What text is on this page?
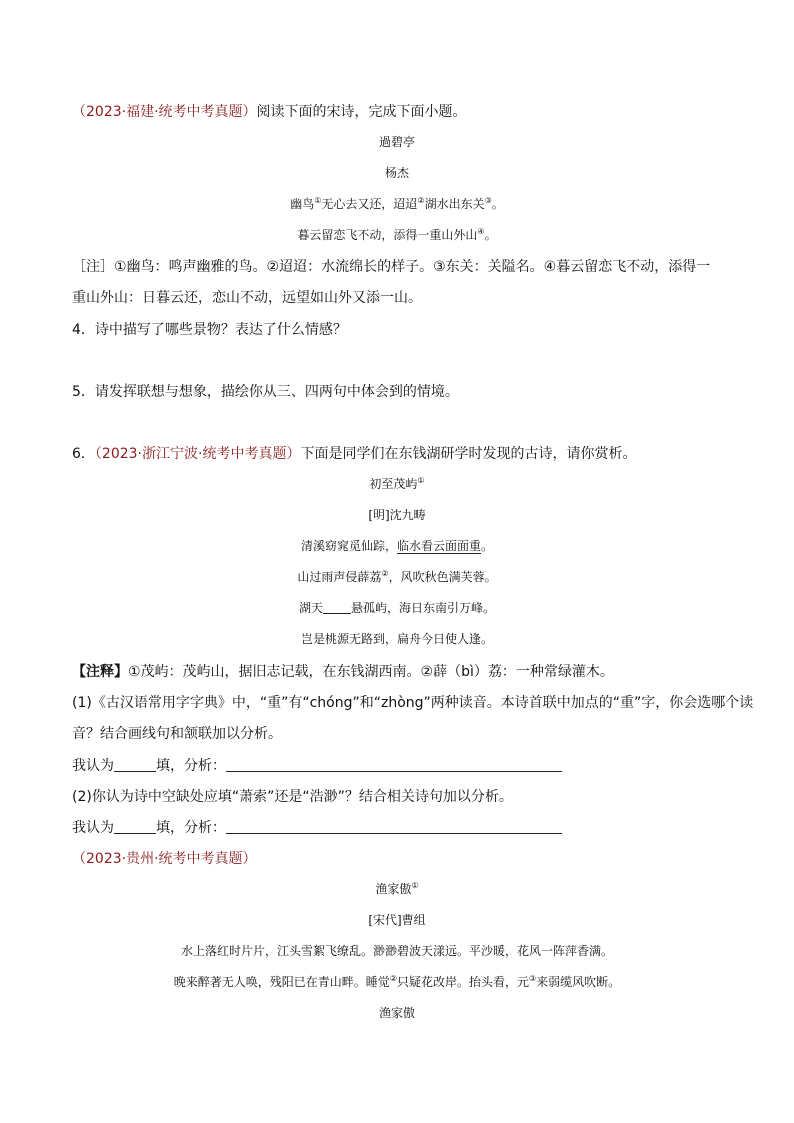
（2023·福建·统考中考真题）阅读下面的宋诗，完成下面小题。
過碧亭
杨杰
幽鸟①无心去又还，迢迢②湖水出东关③。
暮云留恋飞不动，添得一重山外山④。
［注］①幽鸟：鸣声幽雅的鸟。②迢迢：水流绵长的样子。③东关：关隘名。④暮云留恋飞不动，添得一
重山外山：日暮云还，恋山不动，远望如山外又添一山。
4．诗中描写了哪些景物？表达了什么情感？
5．请发挥联想与想象，描绘你从三、四两句中体会到的情境。
6．（2023·浙江宁波·统考中考真题）下面是同学们在东钱湖研学时发现的古诗，请你赏析。
初至茂屿①
[明]沈九畴
清溪窈窕觅仙踪，临水看云面面重。
山过雨声侵薜荔②，风吹秋色满芙蓉。
湖天 悬孤屿，海日东南引万峰。
岂是桃源无路到，扁舟今日使人逢。
【注释】①茂屿：茂屿山，据旧志记载，在东钱湖西南。②薜（bì）荔：一种常绿灌木。
(1)《古汉语常用字字典》中，“重”有“chóng”和“zhòng”两种读音。本诗首联中加点的“重”字，你会选哪个读
音？结合画线句和颔联加以分析。
我认为	填，分析：
(2)你认为诗中空缺处应填“萧索”还是“浩渺”？结合相关诗句加以分析。
我认为	填，分析：
（2023·贵州·统考中考真题）
渔家傲①
[宋代]曹组
水上落红时片片，江头雪絮飞缭乱。渺渺碧波天漾远。平沙暖，花风一阵萍香满。
晚来醉著无人唤，残阳已在青山畔。睡觉②只疑花改岸。抬头看，元③来弱缆风吹断。
渔家傲
